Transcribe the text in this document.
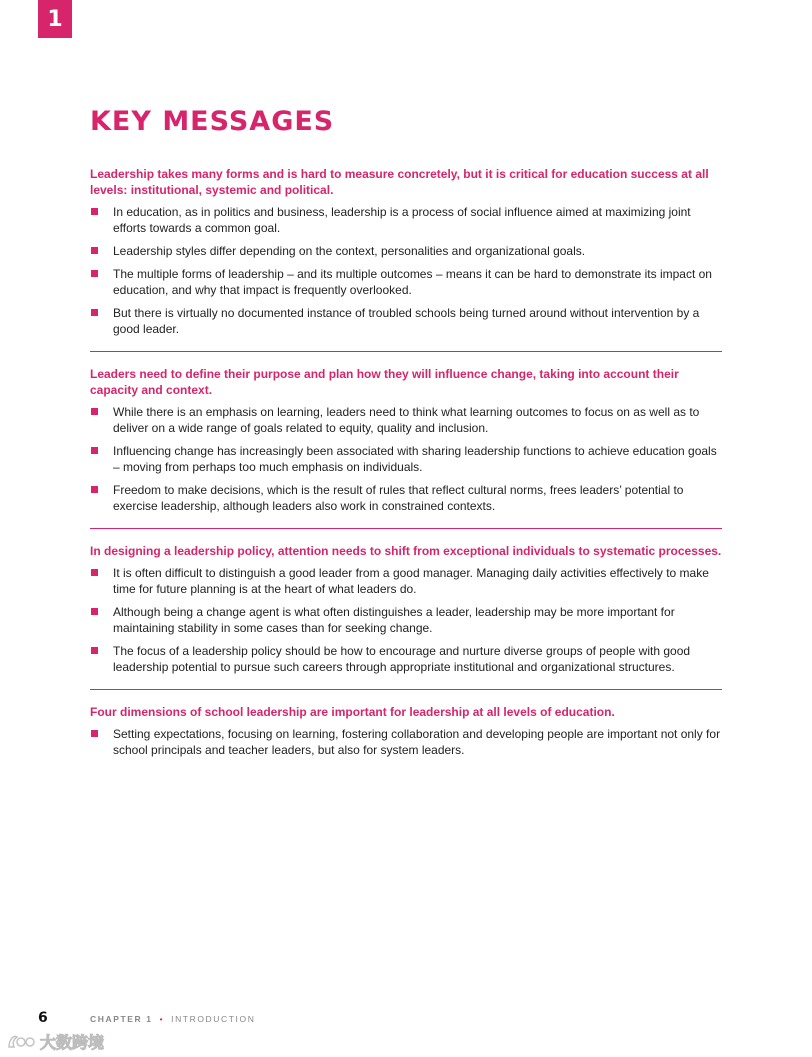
1
KEY MESSAGES

Leadership takes many forms and is hard to measure concretely, but it is critical for education success at all levels: institutional, systemic and political.

In education, as in politics and business, leadership is a process of social influence aimed at maximizing joint efforts towards a common goal.
Leadership styles differ depending on the context, personalities and organizational goals.
The multiple forms of leadership – and its multiple outcomes – means it can be hard to demonstrate its impact on education, and why that impact is frequently overlooked.
But there is virtually no documented instance of troubled schools being turned around without intervention by a good leader.

Leaders need to define their purpose and plan how they will influence change, taking into account their capacity and context.

While there is an emphasis on learning, leaders need to think what learning outcomes to focus on as well as to deliver on a wide range of goals related to equity, quality and inclusion.
Influencing change has increasingly been associated with sharing leadership functions to achieve education goals – moving from perhaps too much emphasis on individuals.
Freedom to make decisions, which is the result of rules that reflect cultural norms, frees leaders’ potential to exercise leadership, although leaders also work in constrained contexts.

In designing a leadership policy, attention needs to shift from exceptional individuals to systematic processes.

It is often difficult to distinguish a good leader from a good manager. Managing daily activities effectively to make time for future planning is at the heart of what leaders do.
Although being a change agent is what often distinguishes a leader, leadership may be more important for maintaining stability in some cases than for seeking change.
The focus of a leadership policy should be how to encourage and nurture diverse groups of people with good leadership potential to pursue such careers through appropriate institutional and organizational structures.

Four dimensions of school leadership are important for leadership at all levels of education.

Setting expectations, focusing on learning, fostering collaboration and developing people are important not only for school principals and teacher leaders, but also for system leaders.
6	CHAPTER 1 • INTRODUCTION
大数跨境
